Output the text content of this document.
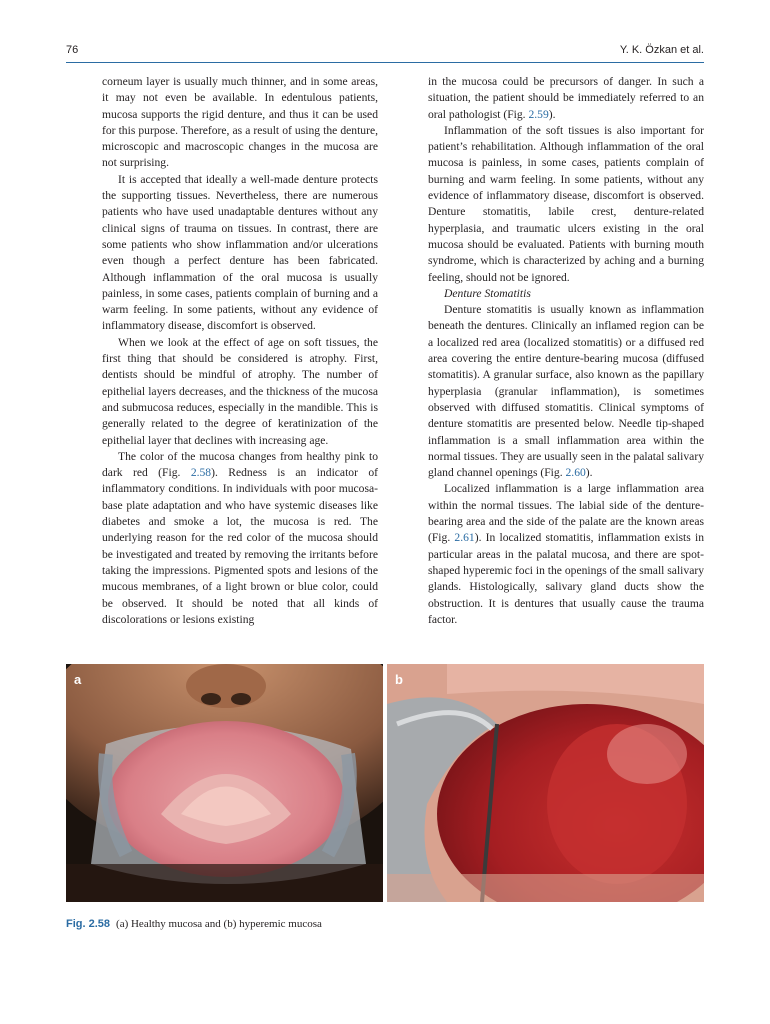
76	Y. K. Özkan et al.

corneum layer is usually much thinner, and in some areas, it may not even be available. In edentulous patients, mucosa supports the rigid denture, and thus it can be used for this purpose. Therefore, as a result of using the denture, microscopic and macroscopic changes in the mucosa are not surprising.

It is accepted that ideally a well-made denture protects the supporting tissues. Nevertheless, there are numerous patients who have used unadaptable dentures without any clinical signs of trauma on tissues. In contrast, there are some patients who show inflammation and/or ulcerations even though a perfect denture has been fabricated. Although inflammation of the oral mucosa is usually painless, in some cases, patients complain of burning and a warm feeling. In some patients, without any evidence of inflammatory disease, discomfort is observed.

When we look at the effect of age on soft tissues, the first thing that should be considered is atrophy. First, dentists should be mindful of atrophy. The number of epithelial layers decreases, and the thickness of the mucosa and submucosa reduces, especially in the mandible. This is generally related to the degree of keratinization of the epithelial layer that declines with increasing age.

The color of the mucosa changes from healthy pink to dark red (Fig. 2.58). Redness is an indicator of inflammatory conditions. In individuals with poor mucosa-base plate adaptation and who have systemic diseases like diabetes and smoke a lot, the mucosa is red. The underlying reason for the red color of the mucosa should be investigated and treated by removing the irritants before taking the impressions. Pigmented spots and lesions of the mucous membranes, of a light brown or blue color, could be observed. It should be noted that all kinds of discolorations or lesions existing

in the mucosa could be precursors of danger. In such a situation, the patient should be immediately referred to an oral pathologist (Fig. 2.59).

Inflammation of the soft tissues is also important for patient’s rehabilitation. Although inflammation of the oral mucosa is painless, in some cases, patients complain of burning and warm feeling. In some patients, without any evidence of inflammatory disease, discomfort is observed. Denture stomatitis, labile crest, denture-related hyperplasia, and traumatic ulcers existing in the oral mucosa should be evaluated. Patients with burning mouth syndrome, which is characterized by aching and a burning feeling, should not be ignored.

Denture Stomatitis

Denture stomatitis is usually known as inflammation beneath the dentures. Clinically an inflamed region can be a localized red area (localized stomatitis) or a diffused red area covering the entire denture-bearing mucosa (diffused stomatitis). A granular surface, also known as the papillary hyperplasia (granular inflammation), is sometimes observed with diffused stomatitis. Clinical symptoms of denture stomatitis are presented below. Needle tip-shaped inflammation is a small inflammation area within the normal tissues. They are usually seen in the palatal salivary gland channel openings (Fig. 2.60).

Localized inflammation is a large inflammation area within the normal tissues. The labial side of the denture-bearing area and the side of the palate are the known areas (Fig. 2.61). In localized stomatitis, inflammation exists in particular areas in the palatal mucosa, and there are spot-shaped hyperemic foci in the openings of the small salivary glands. Histologically, salivary gland ducts show the obstruction. It is dentures that usually cause the trauma factor.

a	b
Fig. 2.58 (a) Healthy mucosa and (b) hyperemic mucosa
